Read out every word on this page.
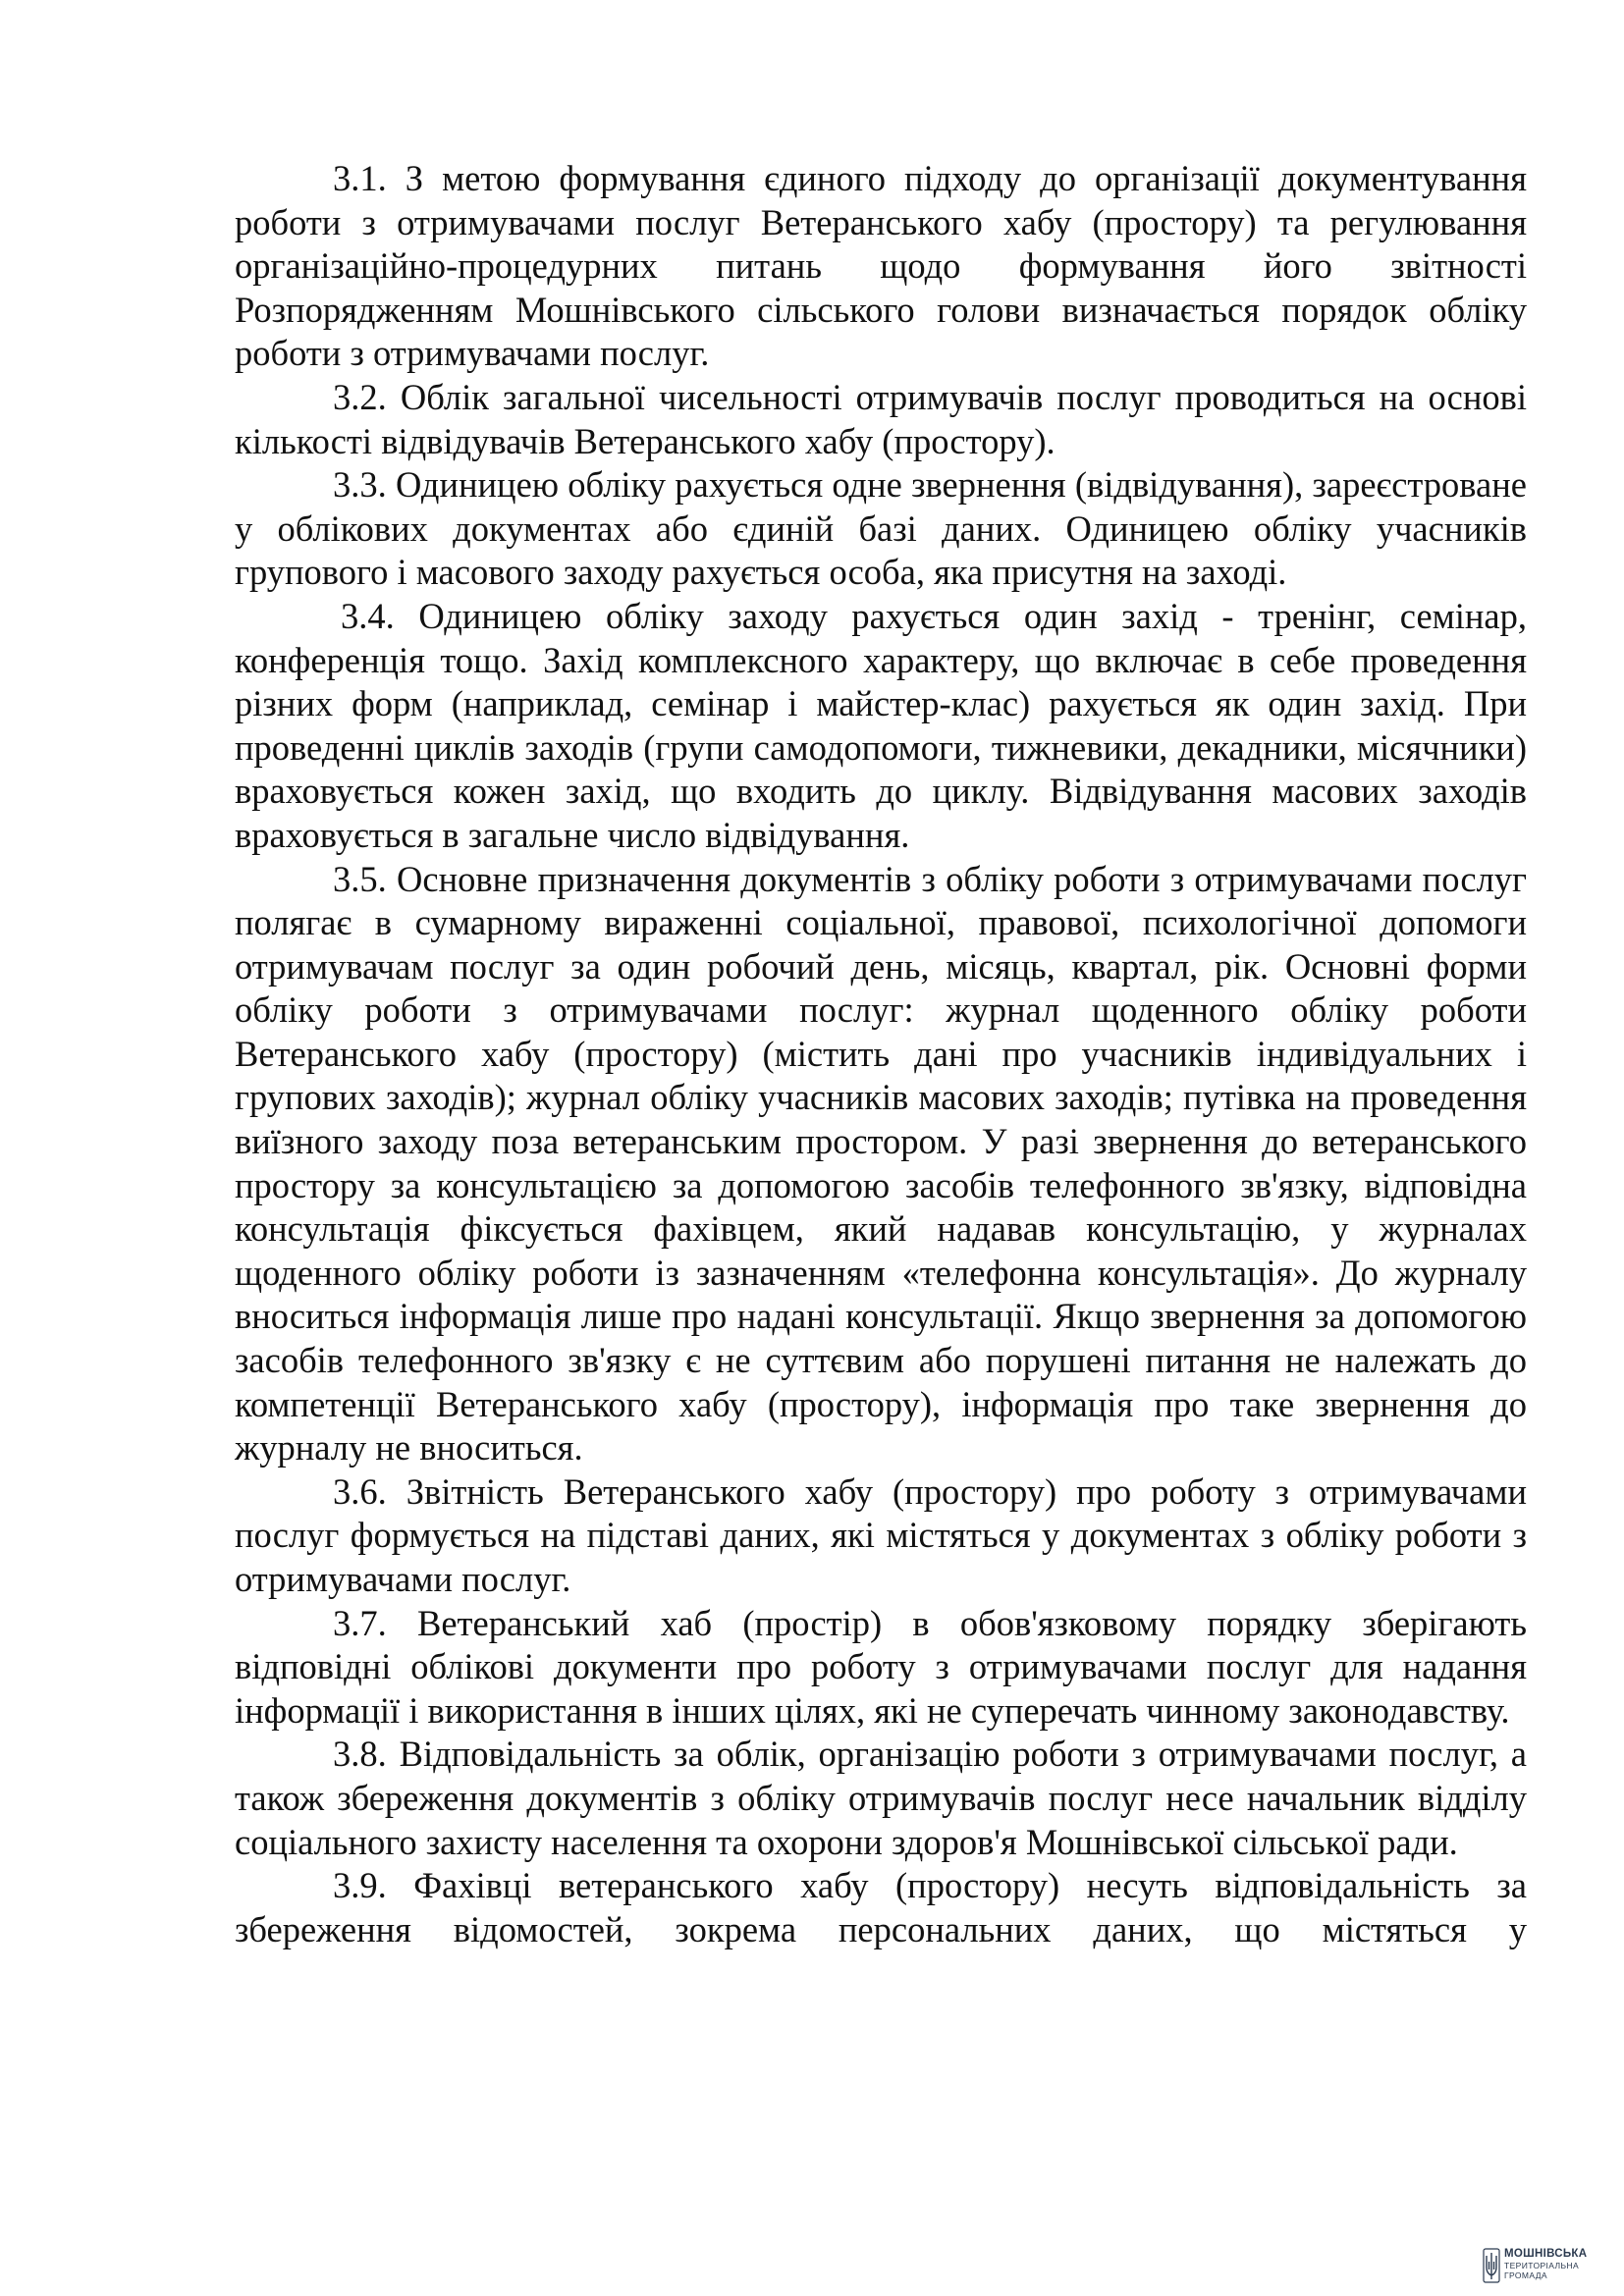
3.1. З метою формування єдиного підходу до організації документування роботи з отримувачами послуг Ветеранського хабу (простору) та регулювання організаційно-процедурних питань щодо формування його звітності Розпорядженням Мошнівського сільського голови визначається порядок обліку роботи з отримувачами послуг.

3.2. Облік загальної чисельності отримувачів послуг проводиться на основі кількості відвідувачів Ветеранського хабу (простору).

3.3. Одиницею обліку рахується одне звернення (відвідування), зареєстроване у облікових документах або єдиній базі даних. Одиницею обліку учасників групового і масового заходу рахується особа, яка присутня на заході.

3.4. Одиницею обліку заходу рахується один захід - тренінг, семінар, конференція тощо. Захід комплексного характеру, що включає в себе проведення різних форм (наприклад, семінар і майстер-клас) рахується як один захід. При проведенні циклів заходів (групи самодопомоги, тижневики, декадники, місячники) враховується кожен захід, що входить до циклу. Відвідування масових заходів враховується в загальне число відвідування.

3.5. Основне призначення документів з обліку роботи з отримувачами послуг полягає в сумарному вираженні соціальної, правової, психологічної допомоги отримувачам послуг за один робочий день, місяць, квартал, рік. Основні форми обліку роботи з отримувачами послуг: журнал щоденного обліку роботи Ветеранського хабу (простору) (містить дані про учасників індивідуальних і групових заходів); журнал обліку учасників масових заходів; путівка на проведення виїзного заходу поза ветеранським простором. У разі звернення до ветеранського простору за консультацією за допомогою засобів телефонного зв'язку, відповідна консультація фіксується фахівцем, який надавав консультацію, у журналах щоденного обліку роботи із зазначенням «телефонна консультація». До журналу вноситься інформація лише про надані консультації. Якщо звернення за допомогою засобів телефонного зв'язку є не суттєвим або порушені питання не належать до компетенції Ветеранського хабу (простору), інформація про таке звернення до журналу не вноситься.

3.6. Звітність Ветеранського хабу (простору) про роботу з отримувачами послуг формується на підставі даних, які містяться у документах з обліку роботи з отримувачами послуг.

3.7. Ветеранський хаб (простір) в обов'язковому порядку зберігають відповідні облікові документи про роботу з отримувачами послуг для надання інформації і використання в інших цілях, які не суперечать чинному законодавству.

3.8. Відповідальність за облік, організацію роботи з отримувачами послуг, а також збереження документів з обліку отримувачів послуг несе начальник відділу соціального захисту населення та охорони здоров'я Мошнівської сільської ради.

3.9. Фахівці ветеранського хабу (простору) несуть відповідальність за збереження відомостей, зокрема персональних даних, що містяться у

МОШНІВСЬКА
ТЕРИТОРІАЛЬНА
ГРОМАДА
